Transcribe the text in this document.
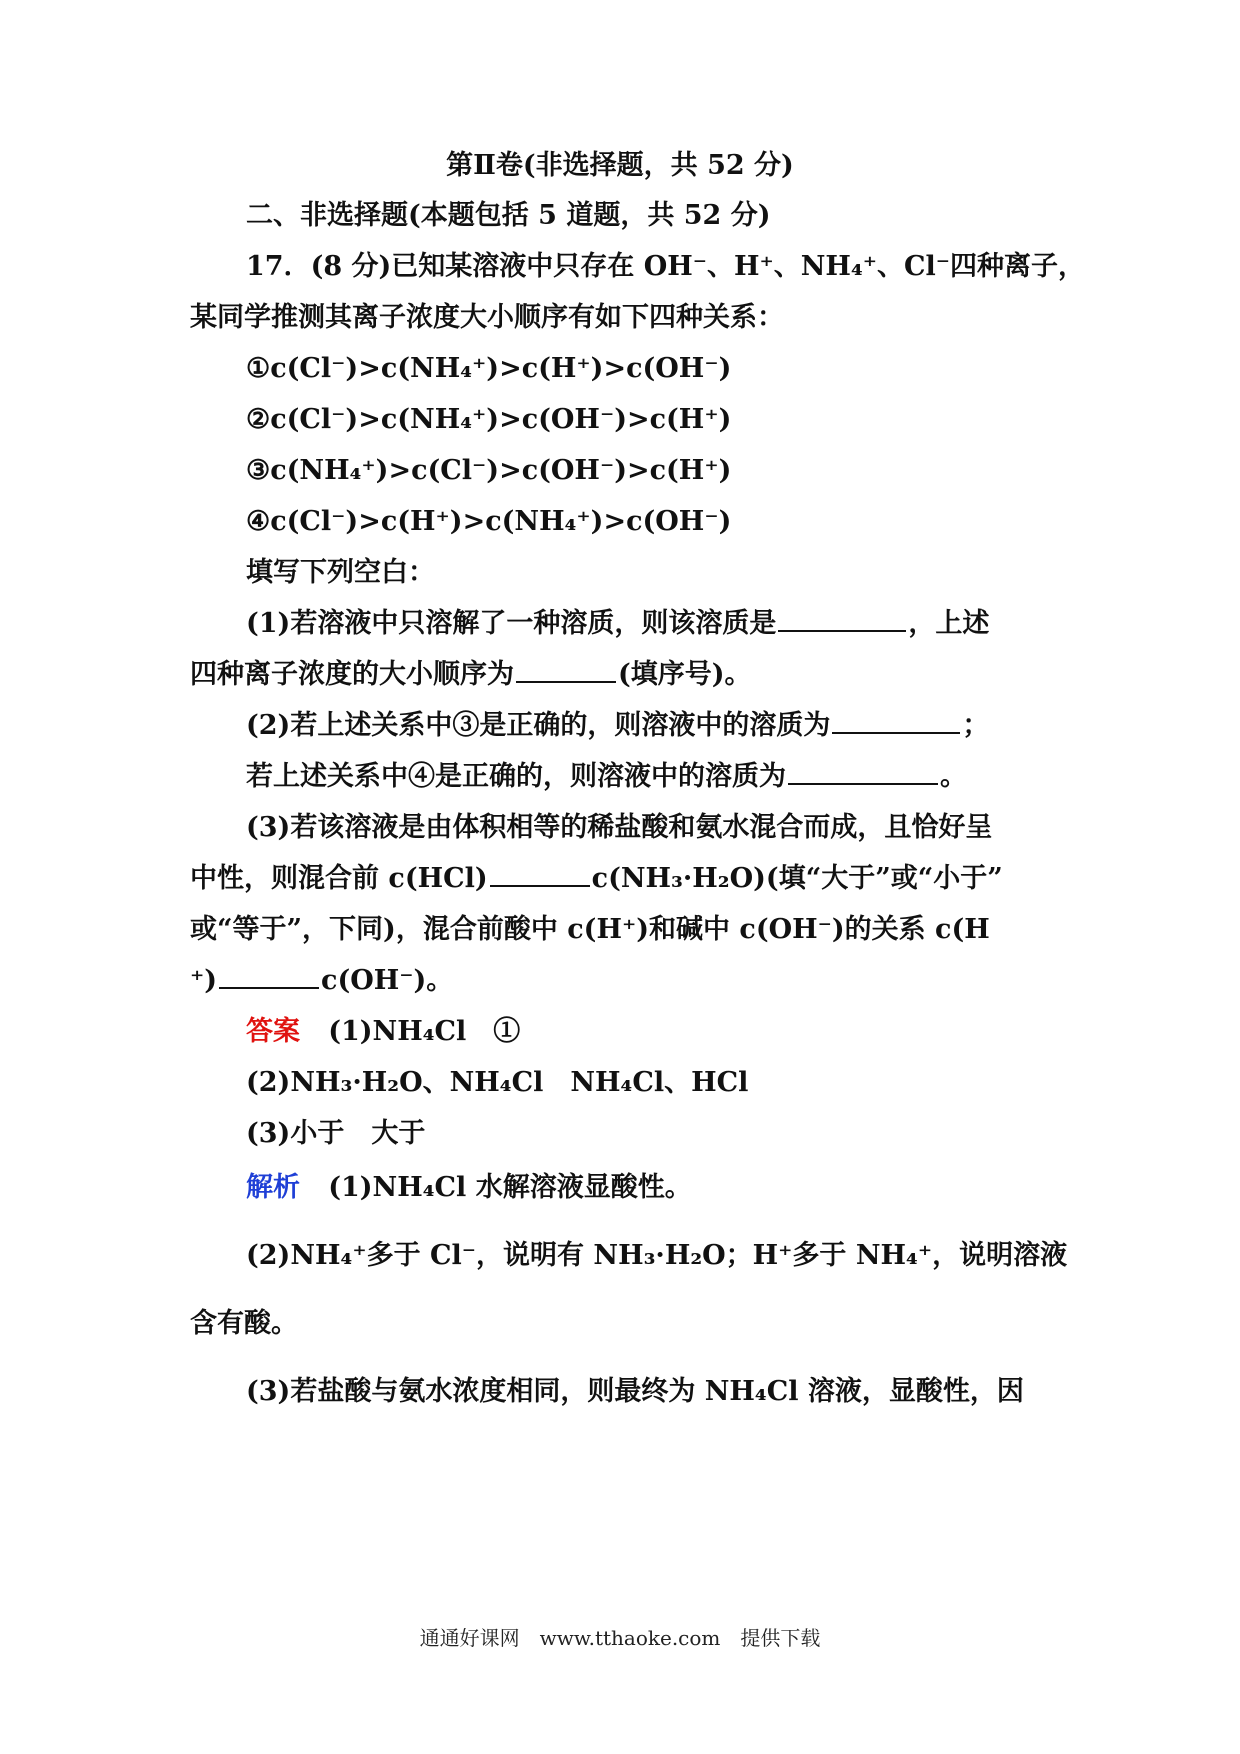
第Ⅱ卷(非选择题，共 52 分)
二、非选择题(本题包括 5 道题，共 52 分)
17．(8 分)已知某溶液中只存在 OH⁻、H⁺、NH₄⁺、Cl⁻四种离子，
某同学推测其离子浓度大小顺序有如下四种关系：
①c(Cl⁻)>c(NH₄⁺)>c(H⁺)>c(OH⁻)
②c(Cl⁻)>c(NH₄⁺)>c(OH⁻)>c(H⁺)
③c(NH₄⁺)>c(Cl⁻)>c(OH⁻)>c(H⁺)
④c(Cl⁻)>c(H⁺)>c(NH₄⁺)>c(OH⁻)
填写下列空白：
(1)若溶液中只溶解了一种溶质，则该溶质是	，上述
四种离子浓度的大小顺序为	(填序号)。
(2)若上述关系中③是正确的，则溶液中的溶质为	；
若上述关系中④是正确的，则溶液中的溶质为	。
(3)若该溶液是由体积相等的稀盐酸和氨水混合而成，且恰好呈
中性，则混合前 c(HCl)	c(NH₃·H₂O)(填“大于”或“小于”
或“等于”，下同)，混合前酸中 c(H⁺)和碱中 c(OH⁻)的关系 c(H
⁺)	c(OH⁻)。
答案 (1)NH₄Cl　①
(2)NH₃·H₂O、NH₄Cl　NH₄Cl、HCl
(3)小于　大于
解析 (1)NH₄Cl 水解溶液显酸性。
(2)NH₄⁺多于 Cl⁻，说明有 NH₃·H₂O；H⁺多于 NH₄⁺，说明溶液
含有酸。
(3)若盐酸与氨水浓度相同，则最终为 NH₄Cl 溶液，显酸性，因
通通好课网　www.tthaoke.com　提供下载
